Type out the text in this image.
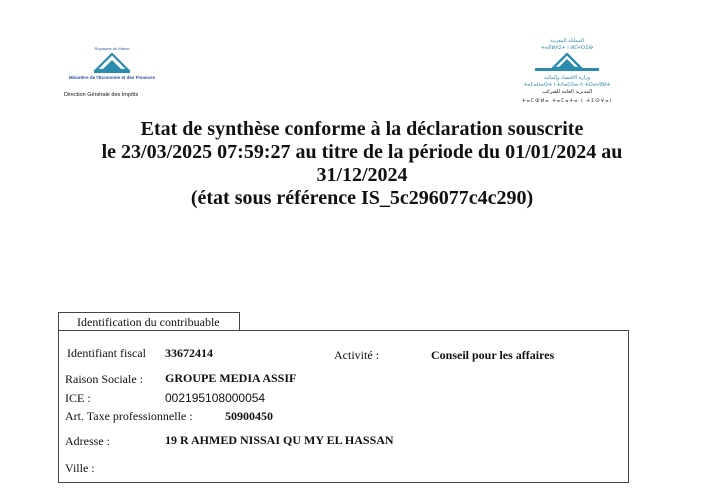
Royaume du Maroc
Ministère de l'Economie et des Finances
Direction Générale des Impôts
المملكة المغربية
ⵜⴰⴳⵍⴷⵉⵜ ⵏ ⵍⵎⵖⵔⵉⴱ
وزارة الاقتصاد والمالية
ⵜⴰⵎⴰⵡⴰⵙⵜ ⵏ ⵜⴷⴰⵎⵙⴰ ⴷ ⵜⵙⴰⵖⵓⵍⵜ
المديرية العامة للضرائب
ⵜⴰⵎⵀⵍⴰ ⵜⴰⵎⴰⵜⴰ ⵏ ⵜⵉⵙⵖⴰⵏ
Etat de synthèse conforme à la déclaration souscrite
le 23/03/2025 07:59:27 au titre de la période du 01/01/2024 au
31/12/2024
(état sous référence IS_5c296077c4c290)
Identification du contribuable
Identifiant fiscal 33672414	Activité :	Conseil pour les affaires
Raison Sociale : GROUPE MEDIA ASSIF
ICE :	002195108000054
Art. Taxe professionnelle :	50900450
Adresse :	19 R AHMED NISSAI QU MY EL HASSAN
Ville :
